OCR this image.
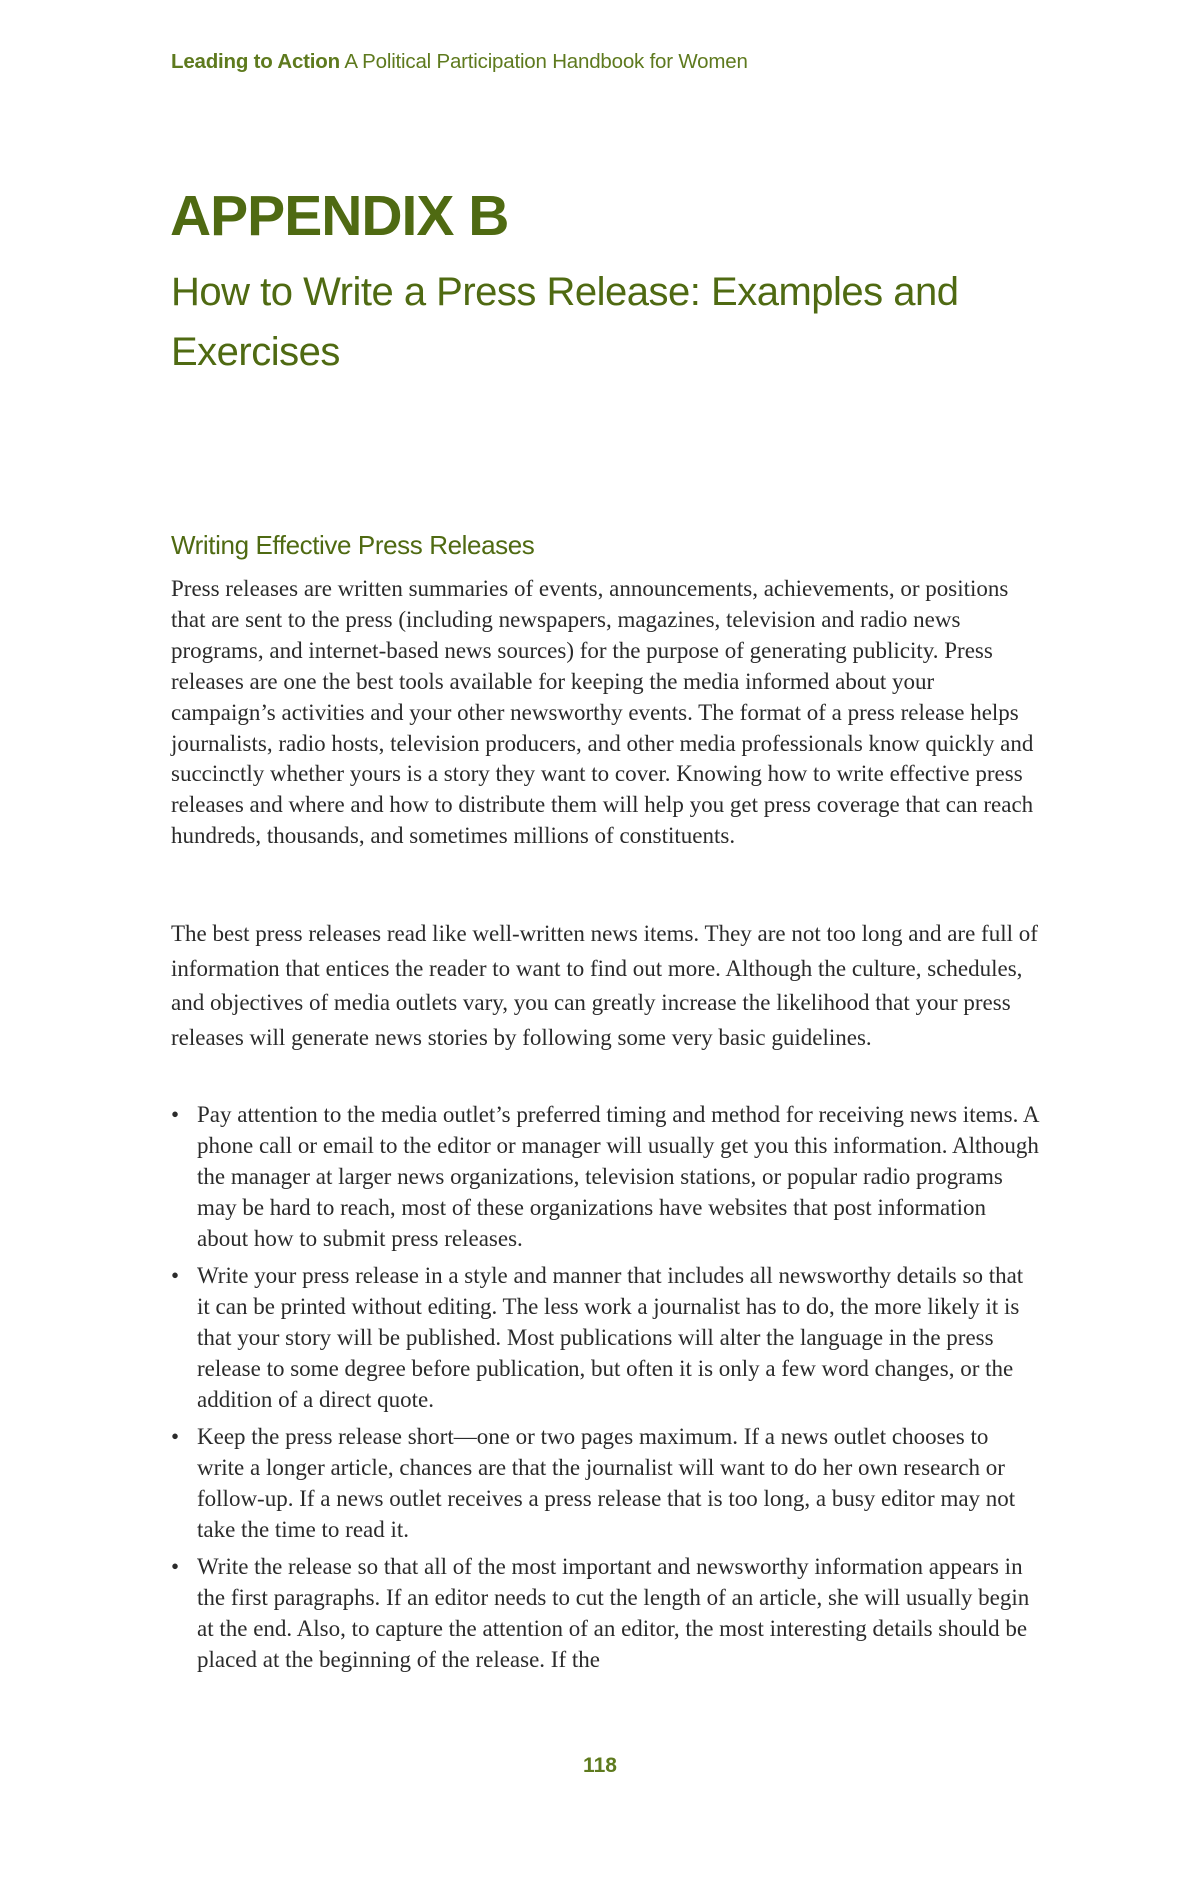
Leading to Action A Political Participation Handbook for Women
APPENDIX B
How to Write a Press Release: Examples and Exercises
Writing Effective Press Releases

Press releases are written summaries of events, announcements, achievements, or positions that are sent to the press (including newspapers, magazines, television and radio news programs, and internet-based news sources) for the purpose of generating publicity. Press releases are one the best tools available for keeping the media informed about your campaign’s activities and your other newsworthy events. The format of a press release helps journalists, radio hosts, television producers, and other media professionals know quickly and succinctly whether yours is a story they want to cover. Knowing how to write effective press releases and where and how to distribute them will help you get press coverage that can reach hundreds, thousands, and sometimes millions of constituents.

The best press releases read like well-written news items. They are not too long and are full of information that entices the reader to want to find out more. Although the culture, schedules, and objectives of media outlets vary, you can greatly increase the likelihood that your press releases will generate news stories by following some very basic guidelines.

• Pay attention to the media outlet’s preferred timing and method for receiving news items. A phone call or email to the editor or manager will usually get you this information. Although the manager at larger news organizations, television stations, or popular radio programs may be hard to reach, most of these organizations have websites that post information about how to submit press releases.
• Write your press release in a style and manner that includes all newsworthy details so that it can be printed without editing. The less work a journalist has to do, the more likely it is that your story will be published. Most publications will alter the language in the press release to some degree before publication, but often it is only a few word changes, or the addition of a direct quote.
• Keep the press release short—one or two pages maximum. If a news outlet chooses to write a longer article, chances are that the journalist will want to do her own research or follow-up. If a news outlet receives a press release that is too long, a busy editor may not take the time to read it.
• Write the release so that all of the most important and newsworthy information appears in the first paragraphs. If an editor needs to cut the length of an article, she will usually begin at the end. Also, to capture the attention of an editor, the most interesting details should be placed at the beginning of the release. If the
118
